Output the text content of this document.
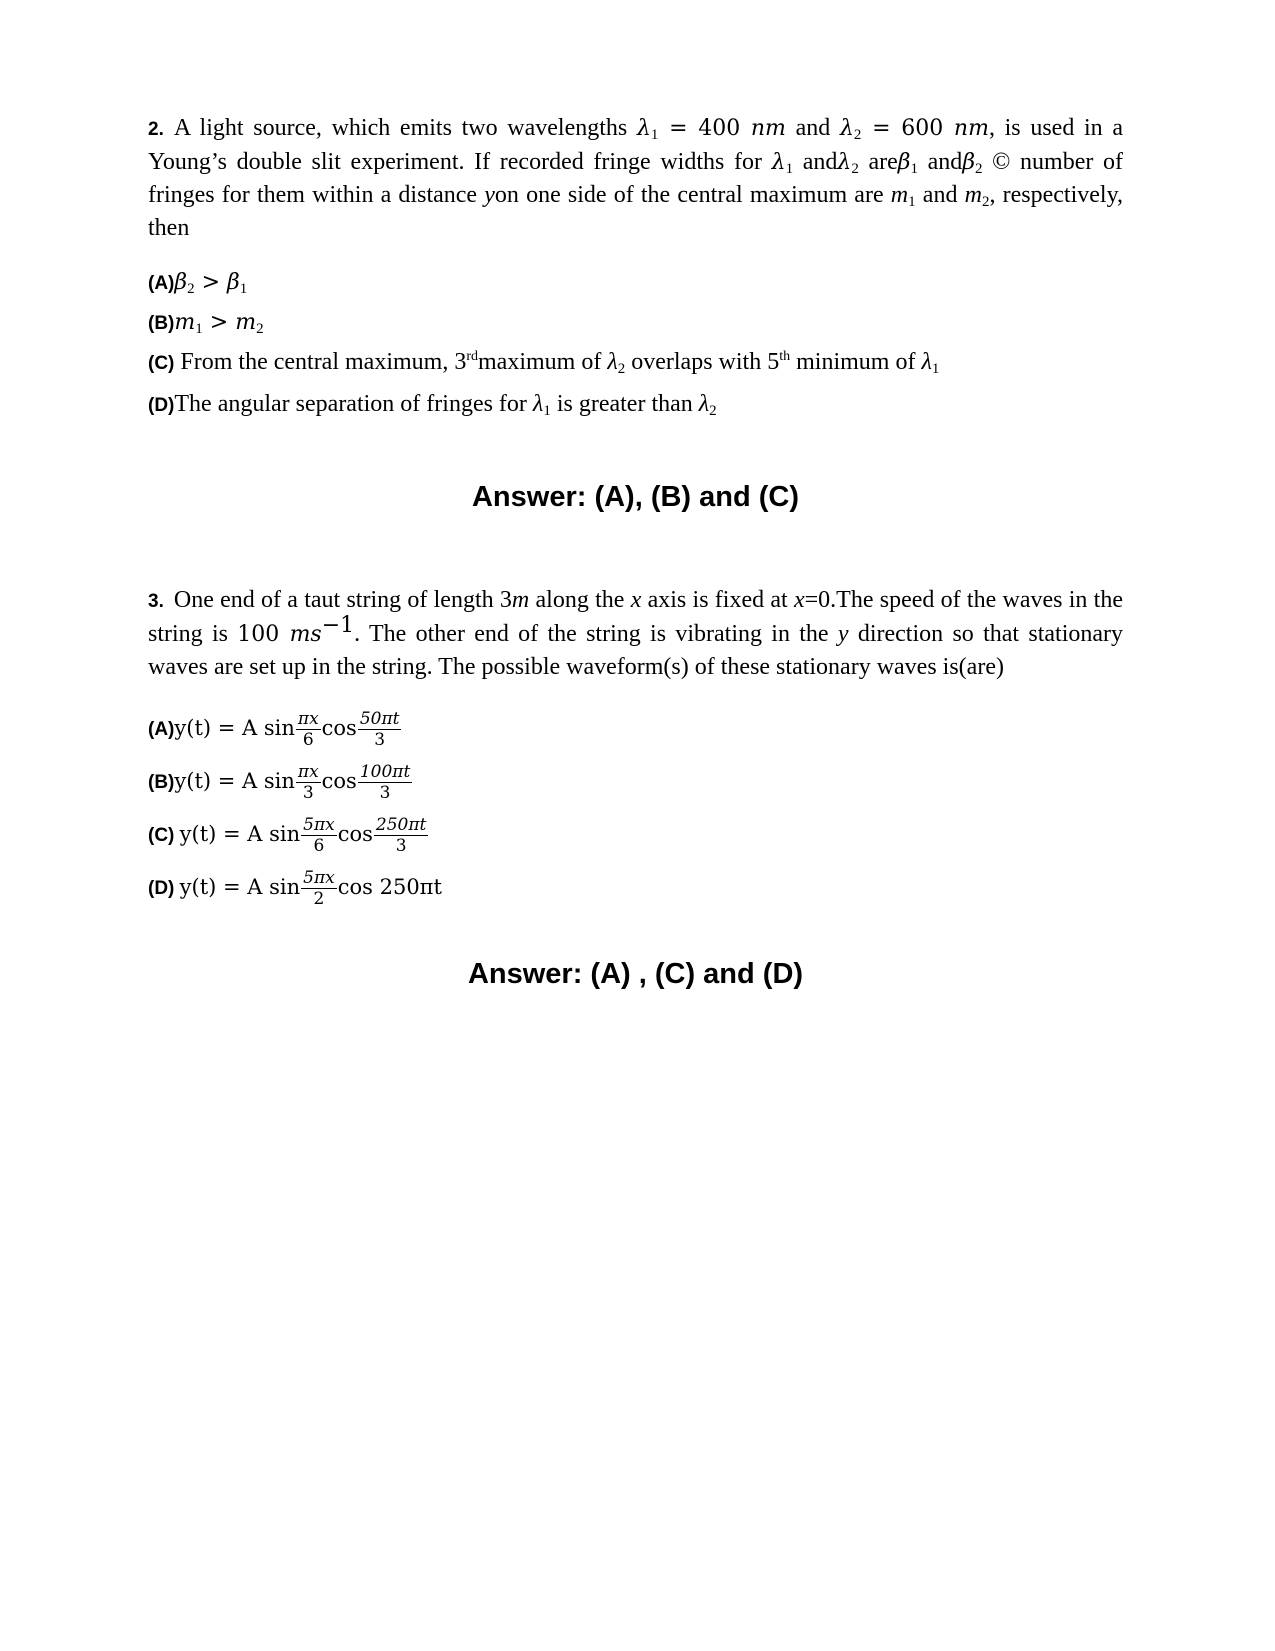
2. A light source, which emits two wavelengths $\lambda_1 = 400$ nm and $\lambda_2 = 600$ nm, is used in a Young’s double slit experiment. If recorded fringe widths for $\lambda_1$ andλ$_2$ areβ$_1$ andβ$_2$ © number of fringes for them within a distance yon one side of the central maximum are $m_1$ and $m_2$, respectively, then

$(A)\beta_2 > \beta_1$

$(B)m_1 > m_2$

(C) From the central maximum, 3rdmaximum of $\lambda_2$ overlaps with 5th minimum of $\lambda_1$

(D)The angular separation of fringes for $\lambda_1$ is greater than $\lambda_2$

Answer: (A), (B) and (C)

3. One end of a taut string of length 3m along the x axis is fixed at x=0.The speed of the waves in the string is 100 $ms^{-1}$. The other end of the string is vibrating in the y direction so that stationary waves are set up in the string. The possible waveform(s) of these stationary waves is(are)

(A)y(t) = A $\sin \frac{\pi x}{6}$ $\cos \frac{50\pi t}{3}$

(B)y(t) = A $\sin \frac{\pi x}{3}$ $\cos \frac{100\pi t}{3}$

(C) y(t) = A $\sin \frac{5\pi x}{6}$ $\cos \frac{250\pi t}{3}$

(D) y(t) = A $\sin \frac{5\pi x}{2}$ cos 250πt

Answer: (A) , (C) and (D)
